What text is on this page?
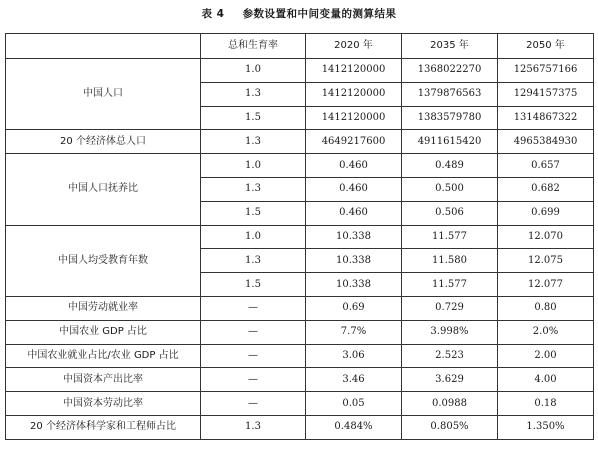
表 4 参数设置和中间变量的测算结果
	总和生育率	2020 年	2035 年	2050 年
中国人口	1.0	1412120000	1368022270	1256757166
	1.3	1412120000	1379876563	1294157375
	1.5	1412120000	1383579780	1314867322
20 个经济体总人口	1.3	4649217600	4911615420	4965384930
中国人口抚养比	1.0	0.460	0.489	0.657
	1.3	0.460	0.500	0.682
	1.5	0.460	0.506	0.699
中国人均受教育年数	1.0	10.338	11.577	12.070
	1.3	10.338	11.580	12.075
	1.5	10.338	11.577	12.077
中国劳动就业率	—	0.69	0.729	0.80
中国农业 GDP 占比	—	7.7%	3.998%	2.0%
中国农业就业占比/农业 GDP 占比	—	3.06	2.523	2.00
中国资本产出比率	—	3.46	3.629	4.00
中国资本劳动比率	—	0.05	0.0988	0.18
20 个经济体科学家和工程师占比	1.3	0.484%	0.805%	1.350%
